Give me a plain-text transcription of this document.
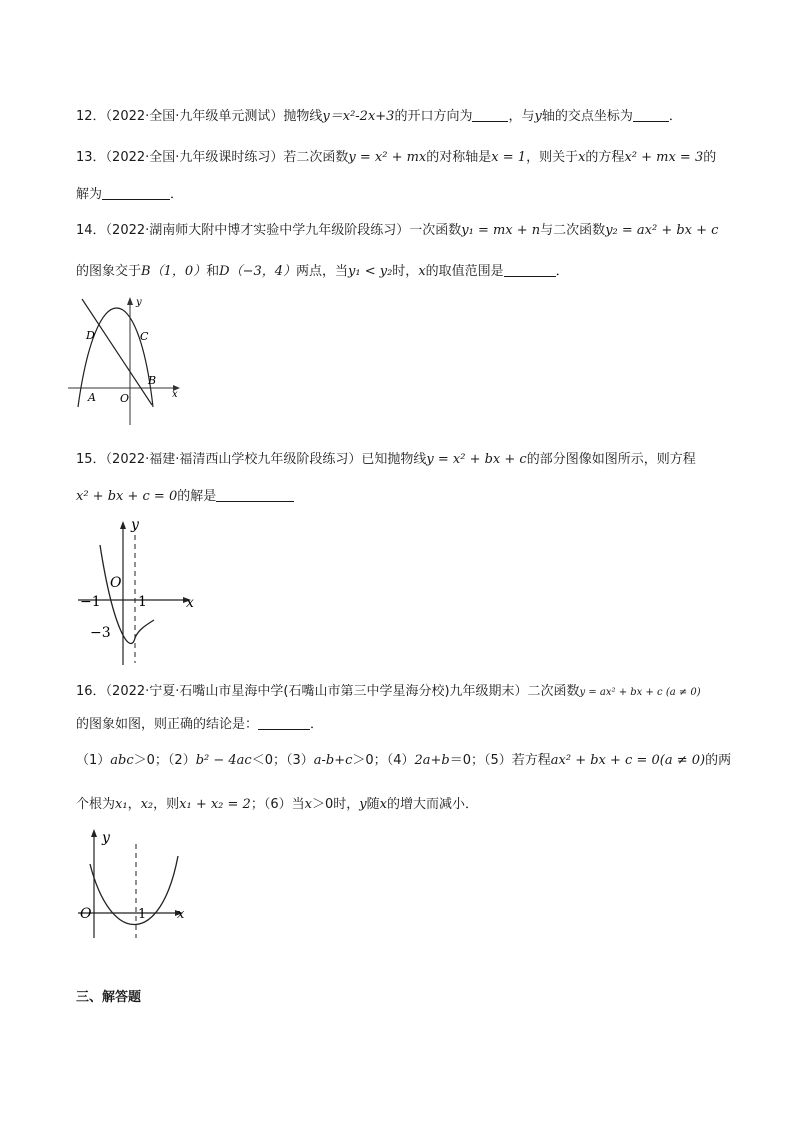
12．（2022·全国·九年级单元测试）抛物线y＝x²-2x+3的开口方向为	，与y轴的交点坐标为	．
13．（2022·全国·九年级课时练习）若二次函数y = x² + mx的对称轴是x = 1，则关于x的方程x² + mx = 3的
解为	．
14．（2022·湖南师大附中博才实验中学九年级阶段练习）一次函数y₁ = mx + n与二次函数y₂ = ax² + bx + c
的图象交于B（1，0）和D（−3，4）两点，当y₁ < y₂时，x的取值范围是	．
y
x
D	C
B
A O
15．（2022·福建·福清西山学校九年级阶段练习）已知抛物线y = x² + bx + c的部分图像如图所示，则方程
x² + bx + c = 0的解是
y
x
O
−1	1
−3
16．（2022·宁夏·石嘴山市星海中学(石嘴山市第三中学星海分校)九年级期末）二次函数y = ax² + bx + c (a ≠ 0)
的图象如图，则正确的结论是：	．
（1）abc＞0；（2）b² − 4ac＜0；（3）a-b+c＞0；（4）2a+b＝0；（5）若方程ax² + bx + c = 0(a ≠ 0)的两
个根为x₁，x₂，则x₁ + x₂ = 2；（6）当x＞0时，y随x的增大而减小．
y
x
O	1
三、解答题
